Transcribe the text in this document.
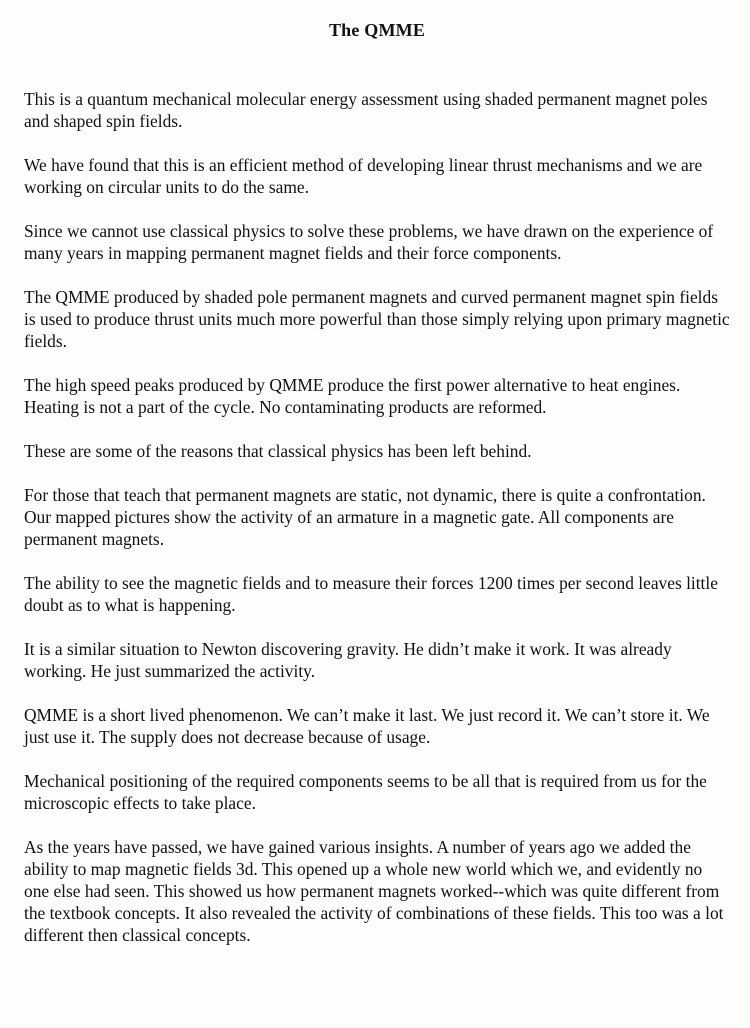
The QMME

This is a quantum mechanical molecular energy assessment using shaded permanent magnet poles and shaped spin fields.

We have found that this is an efficient method of developing linear thrust mechanisms and we are working on circular units to do the same.

Since we cannot use classical physics to solve these problems, we have drawn on the experience of many years in mapping permanent magnet fields and their force components.

The QMME produced by shaded pole permanent magnets and curved permanent magnet spin fields is used to produce thrust units much more powerful than those simply relying upon primary magnetic fields.

The high speed peaks produced by QMME produce the first power alternative to heat engines. Heating is not a part of the cycle. No contaminating products are reformed.

These are some of the reasons that classical physics has been left behind.

For those that teach that permanent magnets are static, not dynamic, there is quite a confrontation. Our mapped pictures show the activity of an armature in a magnetic gate. All components are permanent magnets.

The ability to see the magnetic fields and to measure their forces 1200 times per second leaves little doubt as to what is happening.

It is a similar situation to Newton discovering gravity. He didn’t make it work. It was already working. He just summarized the activity.

QMME is a short lived phenomenon. We can’t make it last. We just record it. We can’t store it. We just use it. The supply does not decrease because of usage.

Mechanical positioning of the required components seems to be all that is required from us for the microscopic effects to take place.

As the years have passed, we have gained various insights. A number of years ago we added the ability to map magnetic fields 3d. This opened up a whole new world which we, and evidently no one else had seen. This showed us how permanent magnets worked--which was quite different from the textbook concepts. It also revealed the activity of combinations of these fields. This too was a lot different then classical concepts.
